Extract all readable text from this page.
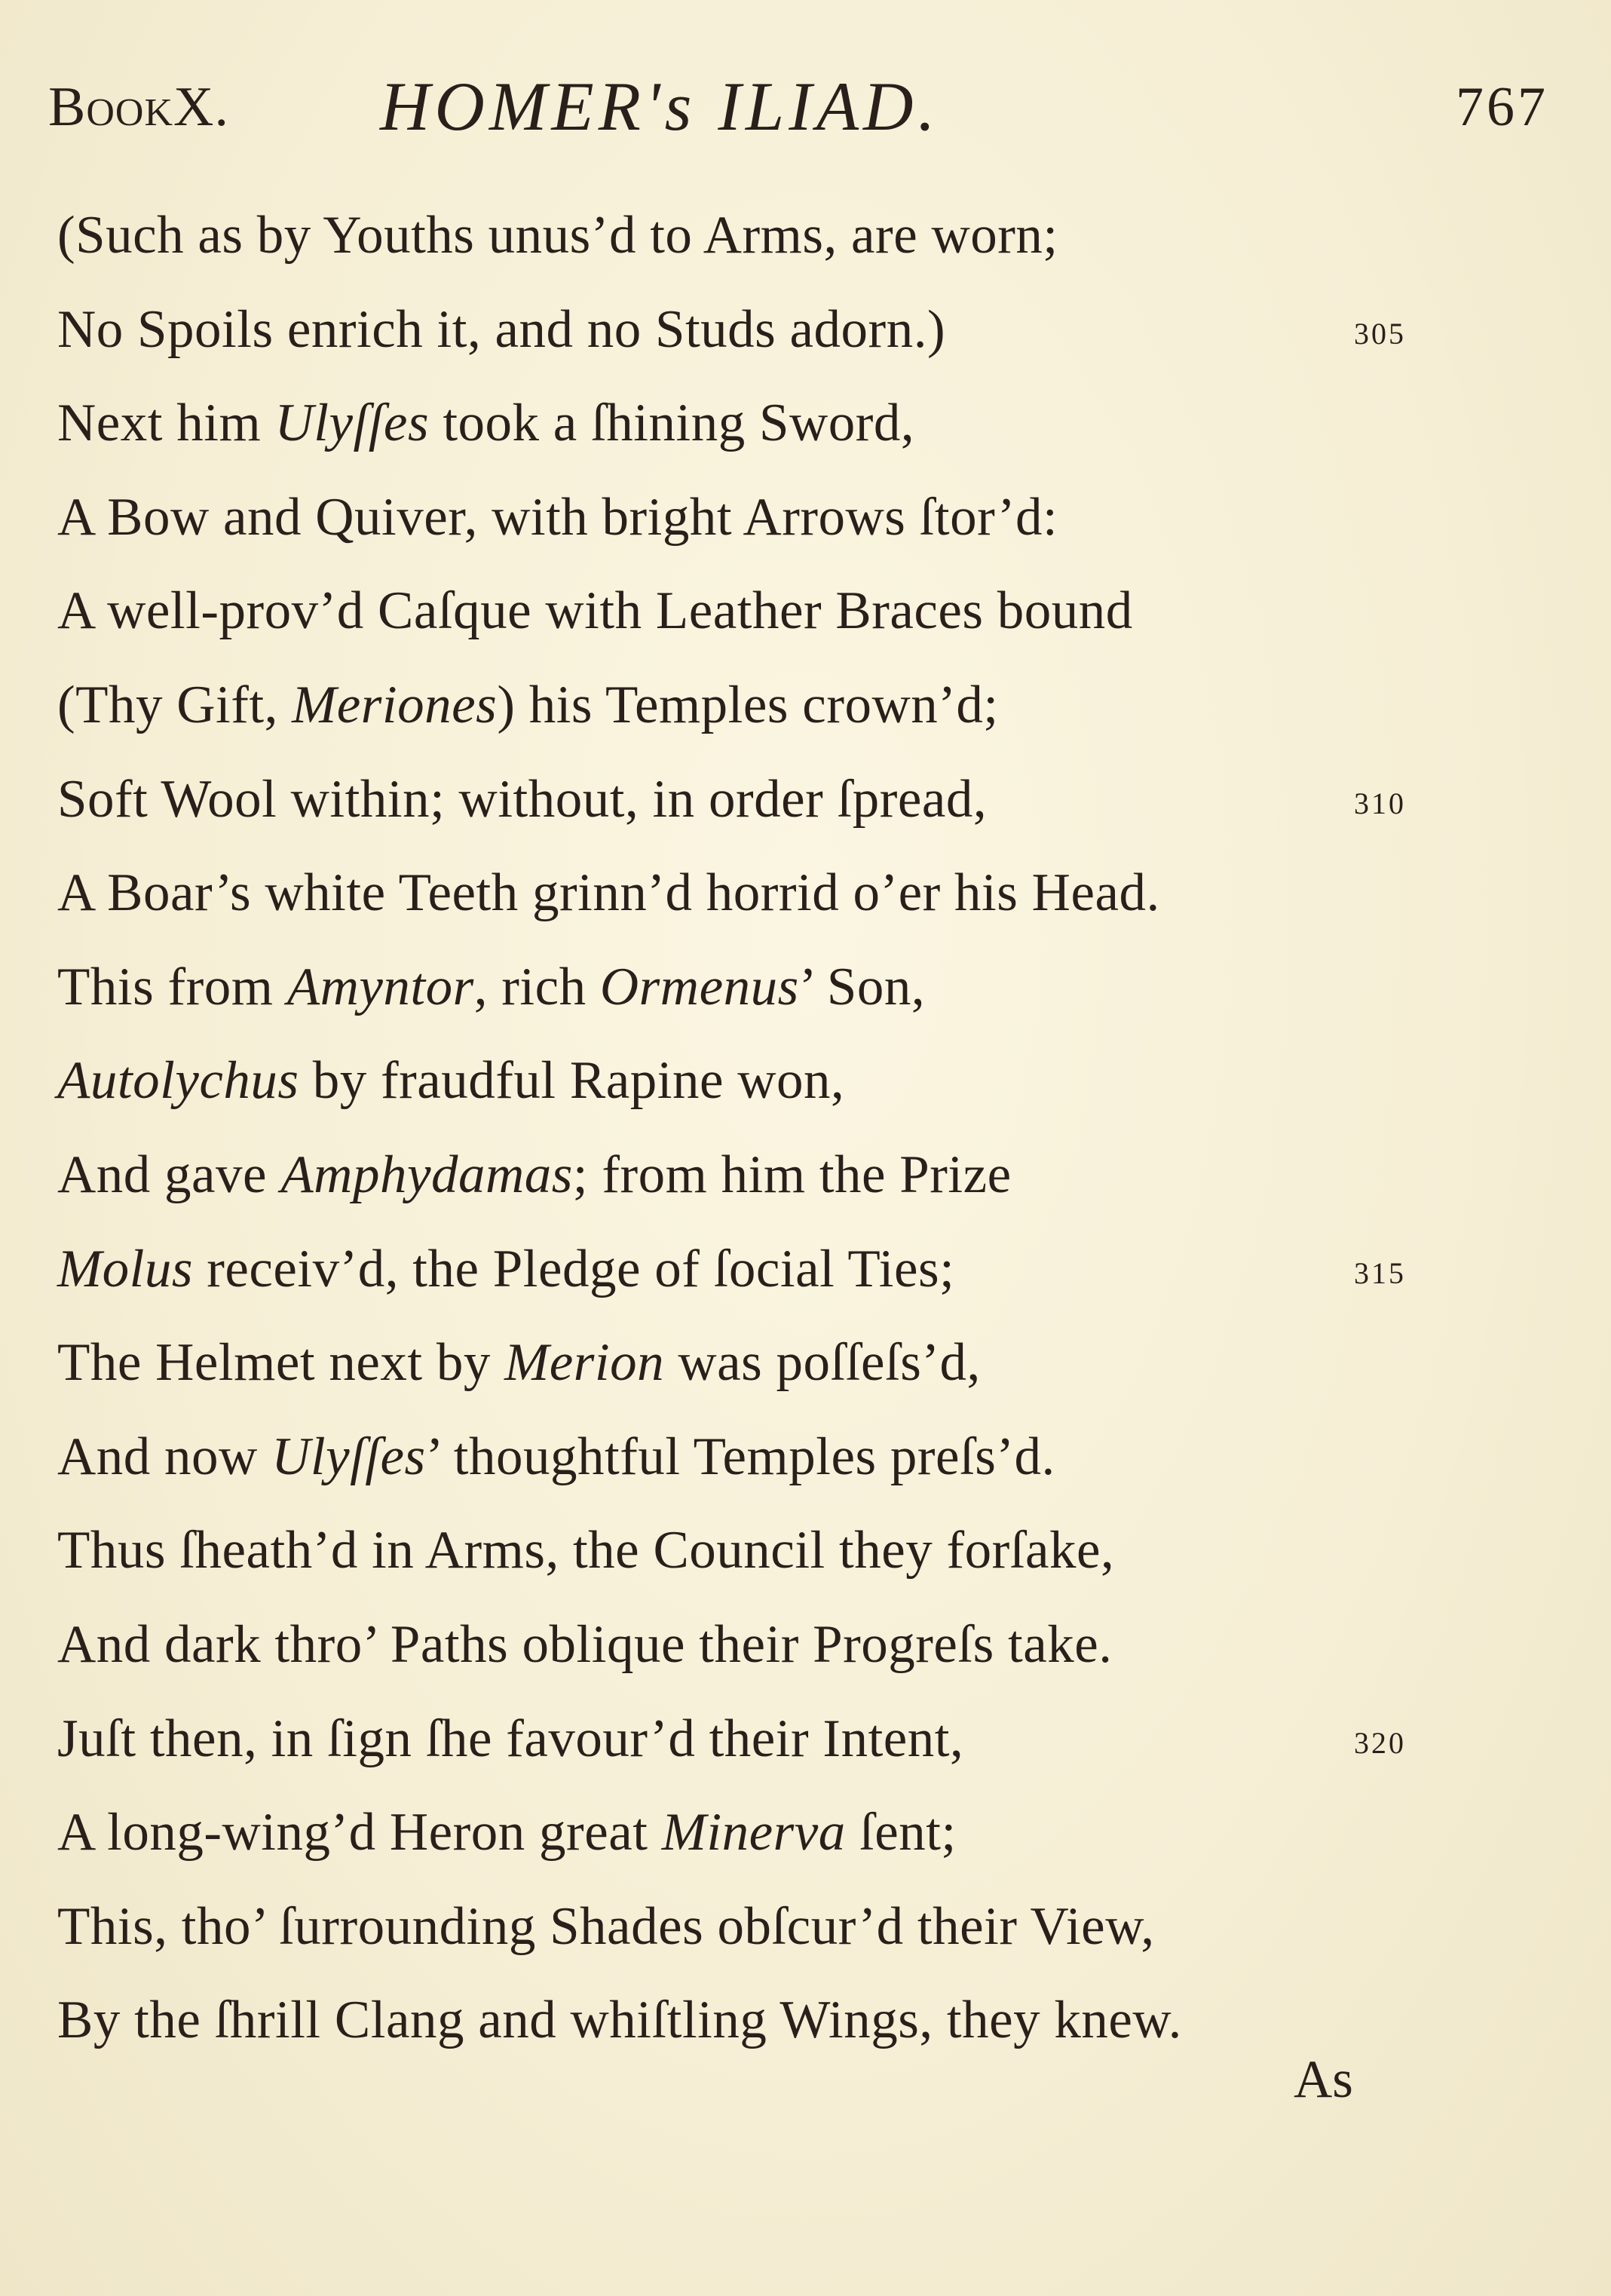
BookX. HOMER's ILIAD.	767
(Such as by Youths unus’d to Arms, are worn;
No Spoils enrich it, and no Studs adorn.)	305
Next him Ulyſſes took a ſhining Sword,
A Bow and Quiver, with bright Arrows ſtor’d:
A well-prov’d Caſque with Leather Braces bound
(Thy Gift, Meriones) his Temples crown’d;
Soft Wool within; without, in order ſpread,	310
A Boar’s white Teeth grinn’d horrid o’er his Head.
This from Amyntor, rich Ormenus’ Son,
Autolychus by fraudful Rapine won,
And gave Amphydamas; from him the Prize
Molus receiv’d, the Pledge of ſocial Ties;	315
The Helmet next by Merion was poſſeſs’d,
And now Ulyſſes’ thoughtful Temples preſs’d.
Thus ſheath’d in Arms, the Council they forſake,
And dark thro’ Paths oblique their Progreſs take.
Juſt then, in ſign ſhe favour’d their Intent,	320
A long-wing’d Heron great Minerva ſent;
This, tho’ ſurrounding Shades obſcur’d their View,
By the ſhrill Clang and whiſtling Wings, they knew.
As
